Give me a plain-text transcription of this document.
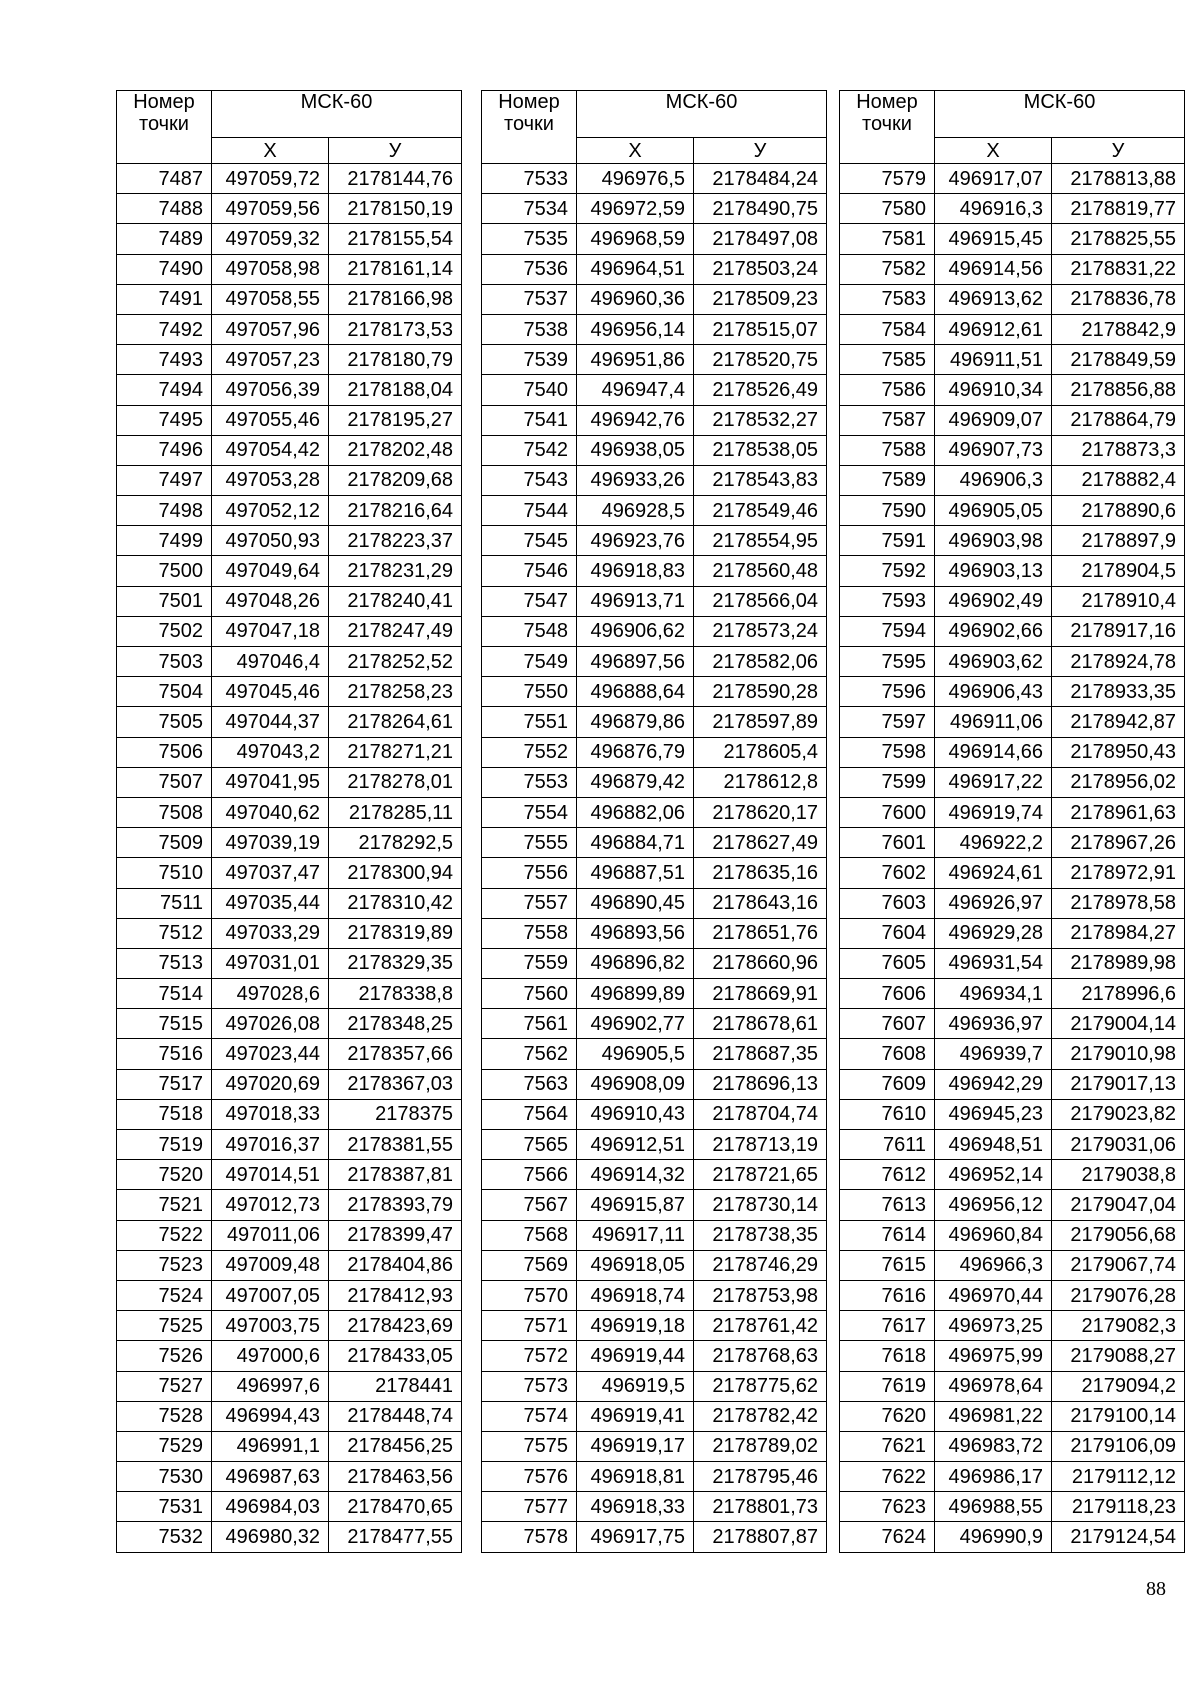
Номер
точки	МСК-60	
	X	У
7487	497059,72	2178144,76
7488	497059,56	2178150,19
7489	497059,32	2178155,54
7490	497058,98	2178161,14
7491	497058,55	2178166,98
7492	497057,96	2178173,53
7493	497057,23	2178180,79
7494	497056,39	2178188,04
7495	497055,46	2178195,27
7496	497054,42	2178202,48
7497	497053,28	2178209,68
7498	497052,12	2178216,64
7499	497050,93	2178223,37
7500	497049,64	2178231,29
7501	497048,26	2178240,41
7502	497047,18	2178247,49
7503	497046,4	2178252,52
7504	497045,46	2178258,23
7505	497044,37	2178264,61
7506	497043,2	2178271,21
7507	497041,95	2178278,01
7508	497040,62	2178285,11
7509	497039,19	2178292,5
7510	497037,47	2178300,94
7511	497035,44	2178310,42
7512	497033,29	2178319,89
7513	497031,01	2178329,35
7514	497028,6	2178338,8
7515	497026,08	2178348,25
7516	497023,44	2178357,66
7517	497020,69	2178367,03
7518	497018,33	2178375
7519	497016,37	2178381,55
7520	497014,51	2178387,81
7521	497012,73	2178393,79
7522	497011,06	2178399,47
7523	497009,48	2178404,86
7524	497007,05	2178412,93
7525	497003,75	2178423,69
7526	497000,6	2178433,05
7527	496997,6	2178441
7528	496994,43	2178448,74
7529	496991,1	2178456,25
7530	496987,63	2178463,56
7531	496984,03	2178470,65
7532	496980,32	2178477,55
Номер
точки	МСК-60	
	X	У
7533	496976,5	2178484,24
7534	496972,59	2178490,75
7535	496968,59	2178497,08
7536	496964,51	2178503,24
7537	496960,36	2178509,23
7538	496956,14	2178515,07
7539	496951,86	2178520,75
7540	496947,4	2178526,49
7541	496942,76	2178532,27
7542	496938,05	2178538,05
7543	496933,26	2178543,83
7544	496928,5	2178549,46
7545	496923,76	2178554,95
7546	496918,83	2178560,48
7547	496913,71	2178566,04
7548	496906,62	2178573,24
7549	496897,56	2178582,06
7550	496888,64	2178590,28
7551	496879,86	2178597,89
7552	496876,79	2178605,4
7553	496879,42	2178612,8
7554	496882,06	2178620,17
7555	496884,71	2178627,49
7556	496887,51	2178635,16
7557	496890,45	2178643,16
7558	496893,56	2178651,76
7559	496896,82	2178660,96
7560	496899,89	2178669,91
7561	496902,77	2178678,61
7562	496905,5	2178687,35
7563	496908,09	2178696,13
7564	496910,43	2178704,74
7565	496912,51	2178713,19
7566	496914,32	2178721,65
7567	496915,87	2178730,14
7568	496917,11	2178738,35
7569	496918,05	2178746,29
7570	496918,74	2178753,98
7571	496919,18	2178761,42
7572	496919,44	2178768,63
7573	496919,5	2178775,62
7574	496919,41	2178782,42
7575	496919,17	2178789,02
7576	496918,81	2178795,46
7577	496918,33	2178801,73
7578	496917,75	2178807,87
Номер
точки	МСК-60	
	X	У
7579	496917,07	2178813,88
7580	496916,3	2178819,77
7581	496915,45	2178825,55
7582	496914,56	2178831,22
7583	496913,62	2178836,78
7584	496912,61	2178842,9
7585	496911,51	2178849,59
7586	496910,34	2178856,88
7587	496909,07	2178864,79
7588	496907,73	2178873,3
7589	496906,3	2178882,4
7590	496905,05	2178890,6
7591	496903,98	2178897,9
7592	496903,13	2178904,5
7593	496902,49	2178910,4
7594	496902,66	2178917,16
7595	496903,62	2178924,78
7596	496906,43	2178933,35
7597	496911,06	2178942,87
7598	496914,66	2178950,43
7599	496917,22	2178956,02
7600	496919,74	2178961,63
7601	496922,2	2178967,26
7602	496924,61	2178972,91
7603	496926,97	2178978,58
7604	496929,28	2178984,27
7605	496931,54	2178989,98
7606	496934,1	2178996,6
7607	496936,97	2179004,14
7608	496939,7	2179010,98
7609	496942,29	2179017,13
7610	496945,23	2179023,82
7611	496948,51	2179031,06
7612	496952,14	2179038,8
7613	496956,12	2179047,04
7614	496960,84	2179056,68
7615	496966,3	2179067,74
7616	496970,44	2179076,28
7617	496973,25	2179082,3
7618	496975,99	2179088,27
7619	496978,64	2179094,2
7620	496981,22	2179100,14
7621	496983,72	2179106,09
7622	496986,17	2179112,12
7623	496988,55	2179118,23
7624	496990,9	2179124,54
88
